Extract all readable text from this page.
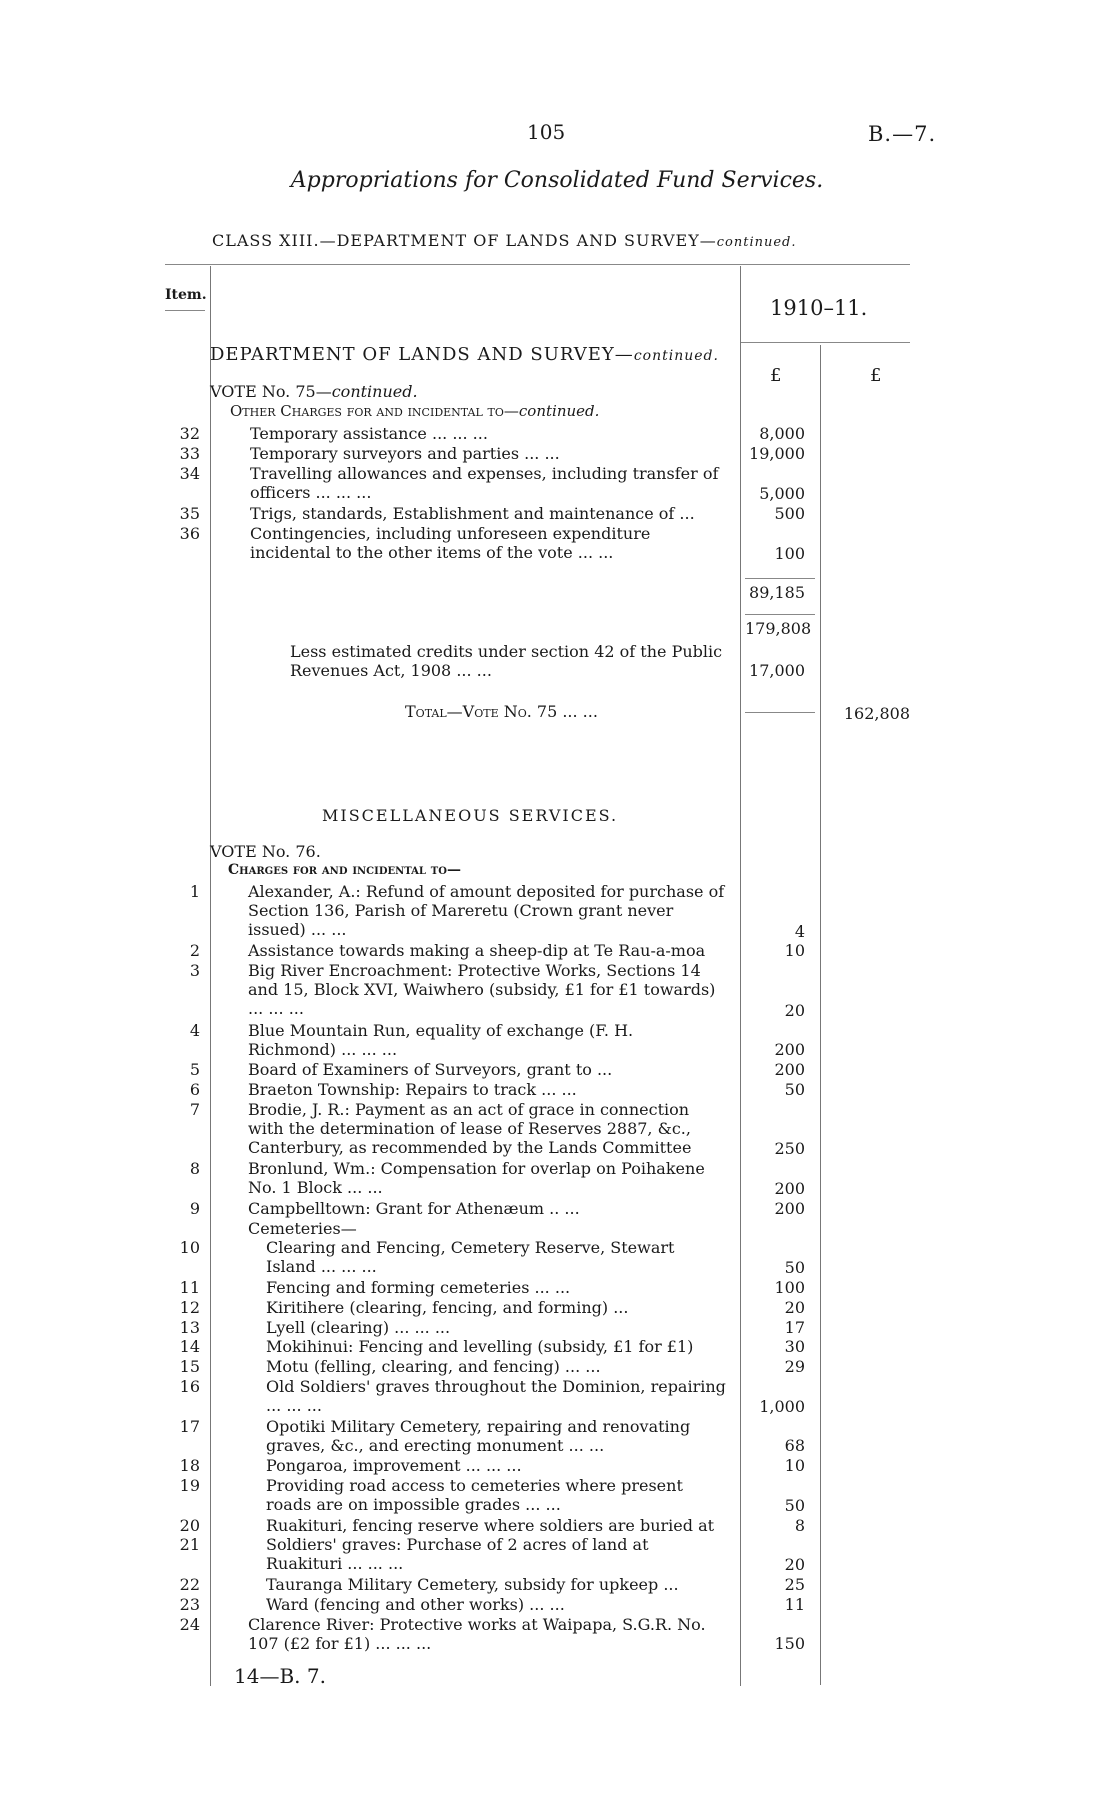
105	B.—7.
Appropriations for Consolidated Fund Services.
CLASS XIII.—DEPARTMENT OF LANDS AND SURVEY—continued.
Item.
1910–11.
£	£
DEPARTMENT OF LANDS AND SURVEY—continued.
VOTE No. 75—continued.
Other Charges for and incidental to—continued.
32	Temporary assistance ... ... ...	8,000
33	Temporary surveyors and parties ... ...	19,000
34	Travelling allowances and expenses, including transfer of officers ... ... ...	5,000
35	Trigs, standards, Establishment and maintenance of ...	500
36	Contingencies, including unforeseen expenditure incidental to the other items of the vote ... ...	100
89,185
179,808
Less estimated credits under section 42 of the Public Revenues Act, 1908 ... ...	17,000
Total—Vote No. 75 ... ...	162,808
MISCELLANEOUS SERVICES.
VOTE No. 76.
Charges for and incidental to—
1	Alexander, A.: Refund of amount deposited for purchase of Section 136, Parish of Mareretu (Crown grant never issued) ... ...	4
2	Assistance towards making a sheep-dip at Te Rau-a-moa	10
3	Big River Encroachment: Protective Works, Sections 14 and 15, Block XVI, Waiwhero (subsidy, £1 for £1 towards) ... ... ...	20
4	Blue Mountain Run, equality of exchange (F. H. Richmond) ... ... ...	200
5	Board of Examiners of Surveyors, grant to ...	200
6	Braeton Township: Repairs to track ... ...	50
7	Brodie, J. R.: Payment as an act of grace in connection with the determination of lease of Reserves 2887, &c., Canterbury, as recommended by the Lands Committee	250
8	Bronlund, Wm.: Compensation for overlap on Poihakene No. 1 Block ... ...	200
9	Campbelltown: Grant for Athenæum .. ...	200
Cemeteries—
10	Clearing and Fencing, Cemetery Reserve, Stewart Island ... ... ...	50
11	Fencing and forming cemeteries ... ...	100
12	Kiritihere (clearing, fencing, and forming) ...	20
13	Lyell (clearing) ... ... ...	17
14	Mokihinui: Fencing and levelling (subsidy, £1 for £1)	30
15	Motu (felling, clearing, and fencing) ... ...	29
16	Old Soldiers' graves throughout the Dominion, repairing ... ... ...	1,000
17	Opotiki Military Cemetery, repairing and renovating graves, &c., and erecting monument ... ...	68
18	Pongaroa, improvement ... ... ...	10
19	Providing road access to cemeteries where present roads are on impossible grades ... ...	50
20	Ruakituri, fencing reserve where soldiers are buried at	8
21	Soldiers' graves: Purchase of 2 acres of land at Ruakituri ... ... ...	20
22	Tauranga Military Cemetery, subsidy for upkeep ...	25
23	Ward (fencing and other works) ... ...	11
24	Clarence River: Protective works at Waipapa, S.G.R. No. 107 (£2 for £1) ... ... ...	150
14—B. 7.
